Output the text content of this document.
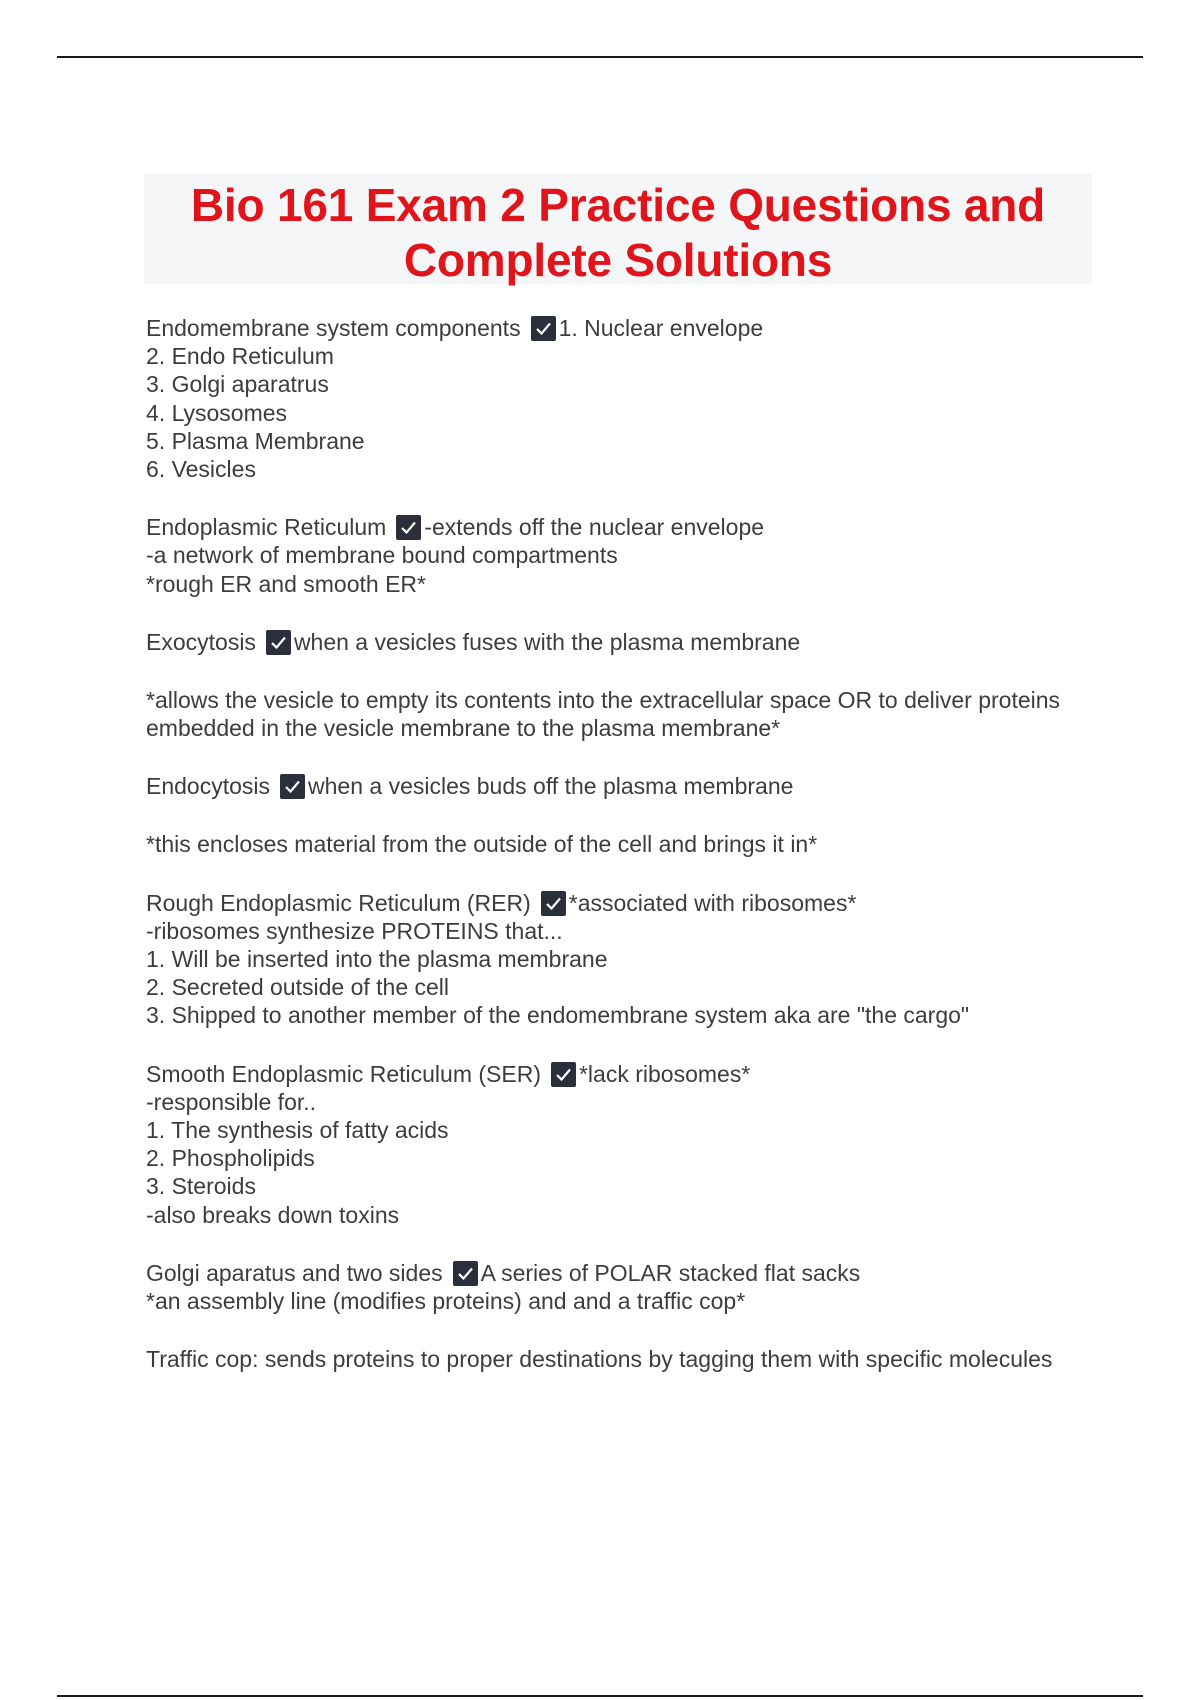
Bio 161 Exam 2 Practice Questions and
Complete Solutions
Endomembrane system components 1. Nuclear envelope
2. Endo Reticulum
3. Golgi aparatrus
4. Lysosomes
5. Plasma Membrane
6. Vesicles
Endoplasmic Reticulum -extends off the nuclear envelope
-a network of membrane bound compartments
*rough ER and smooth ER*
Exocytosis when a vesicles fuses with the plasma membrane
*allows the vesicle to empty its contents into the extracellular space OR to deliver proteins embedded in the vesicle membrane to the plasma membrane*
Endocytosis when a vesicles buds off the plasma membrane
*this encloses material from the outside of the cell and brings it in*
Rough Endoplasmic Reticulum (RER) *associated with ribosomes*
-ribosomes synthesize PROTEINS that...
1. Will be inserted into the plasma membrane
2. Secreted outside of the cell
3. Shipped to another member of the endomembrane system aka are "the cargo"
Smooth Endoplasmic Reticulum (SER) *lack ribosomes*
-responsible for..
1. The synthesis of fatty acids
2. Phospholipids
3. Steroids
-also breaks down toxins
Golgi aparatus and two sides A series of POLAR stacked flat sacks
*an assembly line (modifies proteins) and and a traffic cop*
Traffic cop: sends proteins to proper destinations by tagging them with specific molecules
